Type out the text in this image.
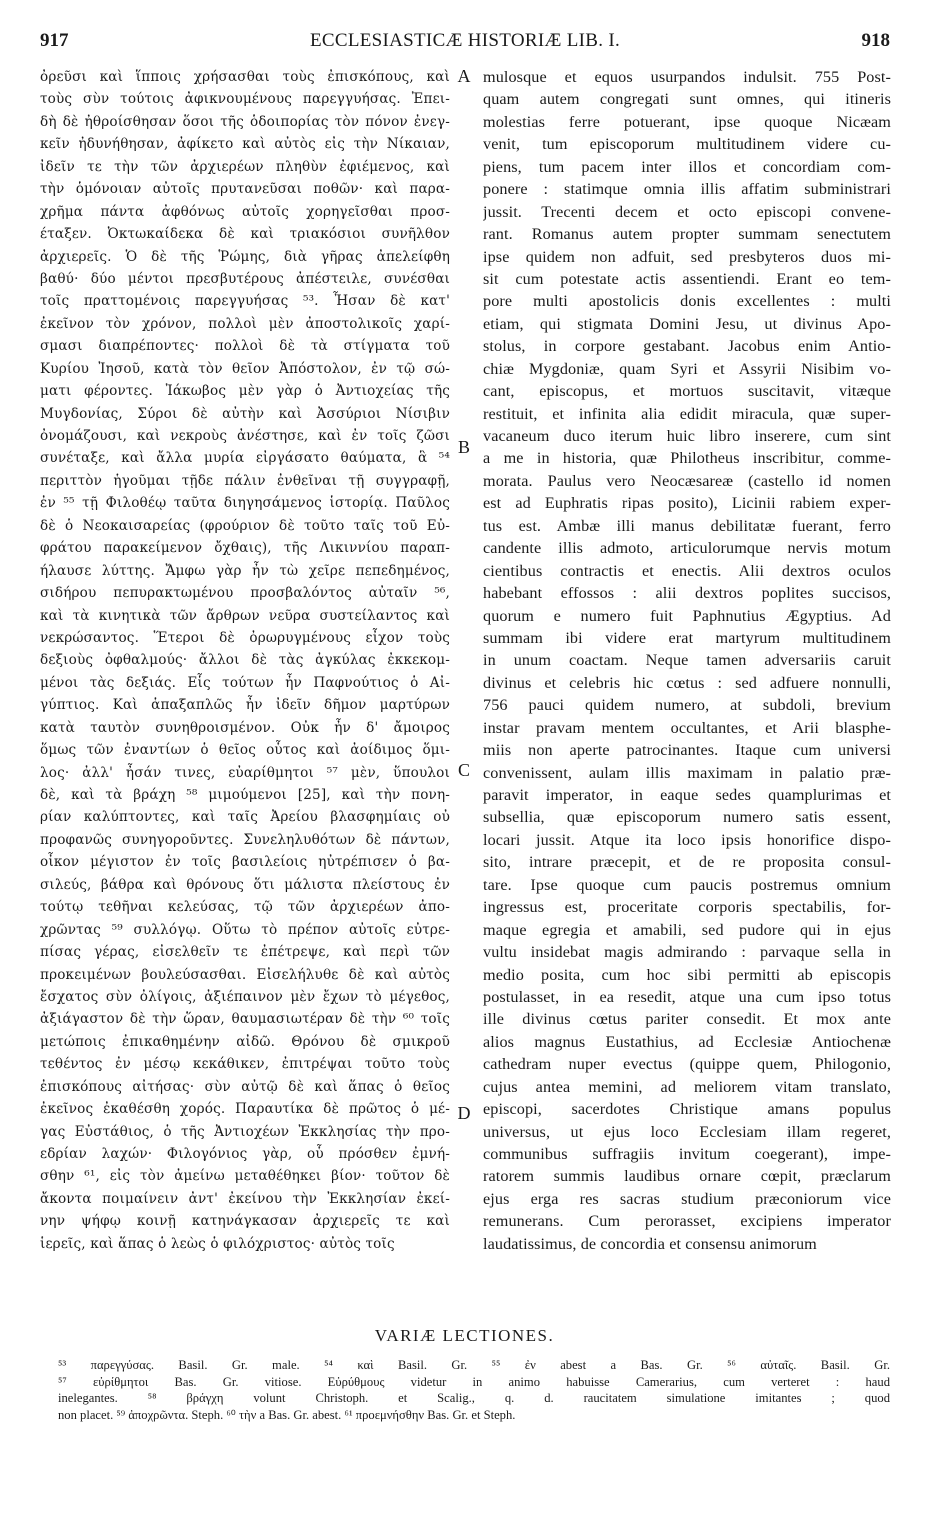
917	ECCLESIASTICÆ HISTORIÆ LIB. I.	918
ὀρεῦσι καὶ ἵπποις χρήσασθαι τοὺς ἐπισκόπους, καὶ
τοὺς σὺν τούτοις ἀφικνουμένους παρεγγυήσας. Ἐπει-
δὴ δὲ ἠθροίσθησαν ὅσοι τῆς ὁδοιπορίας τὸν πόνον ἐνεγ-
κεῖν ἠδυνήθησαν, ἀφίκετο καὶ αὐτὸς εἰς τὴν Νίκαιαν,
ἰδεῖν τε τὴν τῶν ἀρχιερέων πληθὺν ἐφιέμενος, καὶ
τὴν ὁμόνοιαν αὐτοῖς πρυτανεῦσαι ποθῶν· καὶ παρα-
χρῆμα πάντα ἀφθόνως αὐτοῖς χορηγεῖσθαι προσ-
έταξεν. Ὀκτωκαίδεκα δὲ καὶ τριακόσιοι συνῆλθον
ἀρχιερεῖς. Ὁ δὲ τῆς Ῥώμης, διὰ γῆρας ἀπελείφθη
βαθύ· δύο μέντοι πρεσβυτέρους ἀπέστειλε, συνέσθαι
τοῖς πραττομένοις παρεγγυήσας ⁵³. Ἦσαν δὲ κατ'
ἐκεῖνον τὸν χρόνον, πολλοὶ μὲν ἀποστολικοῖς χαρί-
σμασι διαπρέποντες· πολλοὶ δὲ τὰ στίγματα τοῦ
Κυρίου Ἰησοῦ, κατὰ τὸν θεῖον Ἀπόστολον, ἐν τῷ σώ-
ματι φέροντες. Ἰάκωβος μὲν γὰρ ὁ Ἀντιοχείας τῆς
Μυγδονίας, Σύροι δὲ αὐτὴν καὶ Ἀσσύριοι Νίσιβιν
ὀνομάζουσι, καὶ νεκροὺς ἀνέστησε, καὶ ἐν τοῖς ζῶσι
συνέταξε, καὶ ἄλλα μυρία εἰργάσατο θαύματα, ἃ ⁵⁴
περιττὸν ἡγοῦμαι τῇδε πάλιν ἐνθεῖναι τῇ συγγραφῇ,
ἐν ⁵⁵ τῇ Φιλοθέῳ ταῦτα διηγησάμενος ἱστορίᾳ. Παῦλος
δὲ ὁ Νεοκαισαρείας (φρούριον δὲ τοῦτο ταῖς τοῦ Εὐ-
φράτου παρακείμενον ὄχθαις), τῆς Λικιννίου παραπ-
ήλαυσε λύττης. Ἄμφω γὰρ ἦν τὼ χεῖρε πεπεδημένος,
σιδήρου πεπυρακτωμένου προσβαλόντος αὐταῖν ⁵⁶,
καὶ τὰ κινητικὰ τῶν ἄρθρων νεῦρα συστείλαντος καὶ
νεκρώσαντος. Ἕτεροι δὲ ὀρωρυγμένους εἶχον τοὺς
δεξιοὺς ὀφθαλμούς· ἄλλοι δὲ τὰς ἀγκύλας ἐκκεκομ-
μένοι τὰς δεξιάς. Εἷς τούτων ἦν Παφνούτιος ὁ Αἰ-
γύπτιος. Καὶ ἁπαξαπλῶς ἦν ἰδεῖν δῆμον μαρτύρων
κατὰ ταυτὸν συνηθροισμένον. Οὐκ ἦν δ' ἄμοιρος
ὅμως τῶν ἐναντίων ὁ θεῖος οὗτος καὶ ἀοίδιμος ὅμι-
λος· ἀλλ' ἦσάν τινες, εὐαρίθμητοι ⁵⁷ μὲν, ὕπουλοι
δὲ, καὶ τὰ βράχη ⁵⁸ μιμούμενοι [25], καὶ τὴν πονη-
ρίαν καλύπτοντες, καὶ ταῖς Ἀρείου βλασφημίαις οὐ
προφανῶς συνηγοροῦντες. Συνεληλυθότων δὲ πάντων,
οἶκον μέγιστον ἐν τοῖς βασιλείοις ηὐτρέπισεν ὁ βα-
σιλεύς, βάθρα καὶ θρόνους ὅτι μάλιστα πλείστους ἐν
τούτῳ τεθῆναι κελεύσας, τῷ τῶν ἀρχιερέων ἀπο-
χρῶντας ⁵⁹ συλλόγῳ. Οὕτω τὸ πρέπον αὐτοῖς εὐτρε-
πίσας γέρας, εἰσελθεῖν τε ἐπέτρεψε, καὶ περὶ τῶν
προκειμένων βουλεύσασθαι. Εἰσελήλυθε δὲ καὶ αὐτὸς
ἔσχατος σὺν ὀλίγοις, ἀξιέπαινον μὲν ἔχων τὸ μέγεθος,
ἀξιάγαστον δὲ τὴν ὥραν, θαυμασιωτέραν δὲ τὴν ⁶⁰ τοῖς
μετώποις ἐπικαθημένην αἰδῶ. Θρόνου δὲ σμικροῦ
τεθέντος ἐν μέσῳ κεκάθικεν, ἐπιτρέψαι τοῦτο τοὺς
ἐπισκόπους αἰτήσας· σὺν αὐτῷ δὲ καὶ ἅπας ὁ θεῖος
ἐκεῖνος ἐκαθέσθη χορός. Παραυτίκα δὲ πρῶτος ὁ μέ-
γας Εὐστάθιος, ὁ τῆς Ἀντιοχέων Ἐκκλησίας τὴν προ-
εδρίαν λαχών· Φιλογόνιος γὰρ, οὗ πρόσθεν ἐμνή-
σθην ⁶¹, εἰς τὸν ἀμείνω μεταθέθηκει βίον· τοῦτον δὲ
ἄκοντα ποιμαίνειν ἀντ' ἐκείνου τὴν Ἐκκλησίαν ἐκεί-
νην ψήφῳ κοινῇ κατηνάγκασαν ἀρχιερεῖς τε καὶ
ἱερεῖς, καὶ ἅπας ὁ λεὼς ὁ φιλόχριστος· αὐτὸς τοῖς
mulosque et equos usurpandos indulsit. 755 Post-
quam autem congregati sunt omnes, qui itineris
molestias ferre potuerant, ipse quoque Nicæam
venit, tum episcoporum multitudinem videre cu-
piens, tum pacem inter illos et concordiam com-
ponere : statimque omnia illis affatim subministrari
jussit. Trecenti decem et octo episcopi convene-
rant. Romanus autem propter summam senectutem
ipse quidem non adfuit, sed presbyteros duos mi-
sit cum potestate actis assentiendi. Erant eo tem-
pore multi apostolicis donis excellentes : multi
etiam, qui stigmata Domini Jesu, ut divinus Apo-
stolus, in corpore gestabant. Jacobus enim Antio-
chiæ Mygdoniæ, quam Syri et Assyrii Nisibim vo-
cant, episcopus, et mortuos suscitavit, vitæque
restituit, et infinita alia edidit miracula, quæ super-
vacaneum duco iterum huic libro inserere, cum sint
a me in historia, quæ Philotheus inscribitur, comme-
morata. Paulus vero Neocæsareæ (castello id nomen
est ad Euphratis ripas posito), Licinii rabiem exper-
tus est. Ambæ illi manus debilitatæ fuerant, ferro
candente illis admoto, articulorumque nervis motum
cientibus contractis et enectis. Alii dextros oculos
habebant effossos : alii dextros poplites succisos,
quorum e numero fuit Paphnutius Ægyptius. Ad
summam ibi videre erat martyrum multitudinem
in unum coactam. Neque tamen adversariis caruit
divinus et celebris hic cœtus : sed adfuere nonnulli,
756 pauci quidem numero, at subdoli, brevium
instar pravam mentem occultantes, et Arii blasphe-
miis non aperte patrocinantes. Itaque cum universi
convenissent, aulam illis maximam in palatio præ-
paravit imperator, in eaque sedes quamplurimas et
subsellia, quæ episcoporum numero satis essent,
locari jussit. Atque ita loco ipsis honorifice dispo-
sito, intrare præcepit, et de re proposita consul-
tare. Ipse quoque cum paucis postremus omnium
ingressus est, proceritate corporis spectabilis, for-
maque egregia et amabili, sed pudore qui in ejus
vultu insidebat magis admirando : parvaque sella in
medio posita, cum hoc sibi permitti ab episcopis
postulasset, in ea resedit, atque una cum ipso totus
ille divinus cœtus pariter consedit. Et mox ante
alios magnus Eustathius, ad Ecclesiæ Antiochenæ
cathedram nuper evectus (quippe quem, Philogonio,
cujus antea memini, ad meliorem vitam translato,
episcopi, sacerdotes Christique amans populus
universus, ut ejus loco Ecclesiam illam regeret,
communibus suffragiis invitum coegerant), impe-
ratorem summis laudibus ornare cœpit, præclarum
ejus erga res sacras studium præconiorum vice
remunerans. Cum perorasset, excipiens imperator
laudatissimus, de concordia et consensu animorum
A
B
C
D
VARIÆ LECTIONES.
⁵³ παρεγγύσας. Basil. Gr. male. ⁵⁴ καὶ Basil. Gr. ⁵⁵ ἐν abest a Bas. Gr. ⁵⁶ αὐταῖς. Basil. Gr.
⁵⁷ εὐρίθμητοι Bas. Gr. vitiose. Εὐρύθμους videtur in animo habuisse Camerarius, cum verteret : haud
inelegantes. ⁵⁸ βράγχη volunt Christoph. et Scalig., q. d. raucitatem simulatione imitantes ; quod
non placet. ⁵⁹ ἀποχρῶντα. Steph. ⁶⁰ τὴν a Bas. Gr. abest. ⁶¹ προεμνήσθην Bas. Gr. et Steph.
